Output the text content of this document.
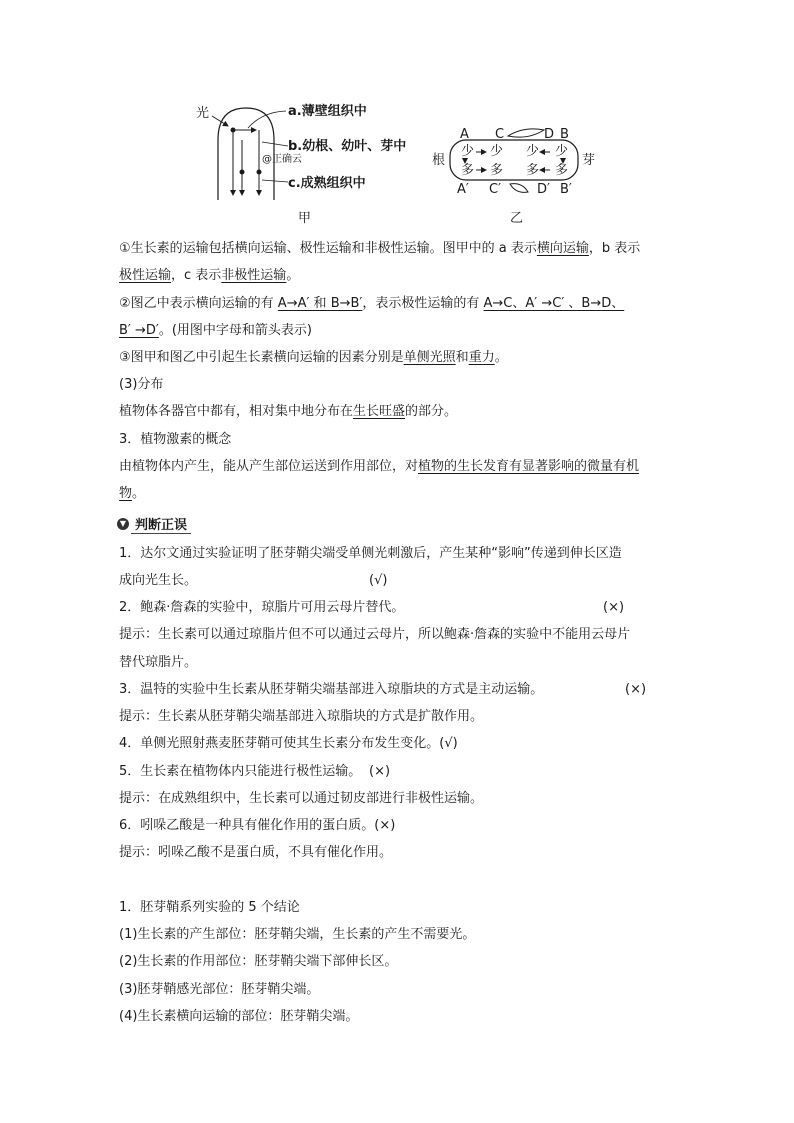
光	a.薄壁组织中
b.幼根、幼叶、芽中
@正确云
c.成熟组织中
甲
A C	D B
根	芽
少 少 少 少
多 多 多 多
A′ C′	D′ B′
乙
①生长素的运输包括横向运输、极性运输和非极性运输。图甲中的 a 表示横向运输，b 表示
极性运输，c 表示非极性运输。
②图乙中表示横向运输的有 A→A′ 和 B→B′，表示极性运输的有 A→C、A′ →C′ 、B→D、
B′ →D′。(用图中字母和箭头表示)
③图甲和图乙中引起生长素横向运输的因素分别是单侧光照和重力。
(3)分布
植物体各器官中都有，相对集中地分布在生长旺盛的部分。
3．植物激素的概念
由植物体内产生，能从产生部位运送到作用部位，对植物的生长发育有显著影响的微量有机
物。
▼ 判断正误
1．达尔文通过实验证明了胚芽鞘尖端受单侧光刺激后，产生某种“影响”传递到伸长区造
成向光生长。	(√)
2．鲍森·詹森的实验中，琼脂片可用云母片替代。	(×)
提示：生长素可以通过琼脂片但不可以通过云母片，所以鲍森·詹森的实验中不能用云母片
替代琼脂片。
3．温特的实验中生长素从胚芽鞘尖端基部进入琼脂块的方式是主动运输。	(×)
提示：生长素从胚芽鞘尖端基部进入琼脂块的方式是扩散作用。
4．单侧光照射燕麦胚芽鞘可使其生长素分布发生变化。(√)
5．生长素在植物体内只能进行极性运输。 (×)
提示：在成熟组织中，生长素可以通过韧皮部进行非极性运输。
6．吲哚乙酸是一种具有催化作用的蛋白质。(×)
提示：吲哚乙酸不是蛋白质，不具有催化作用。
1．胚芽鞘系列实验的 5 个结论
(1)生长素的产生部位：胚芽鞘尖端，生长素的产生不需要光。
(2)生长素的作用部位：胚芽鞘尖端下部伸长区。
(3)胚芽鞘感光部位：胚芽鞘尖端。
(4)生长素横向运输的部位：胚芽鞘尖端。
